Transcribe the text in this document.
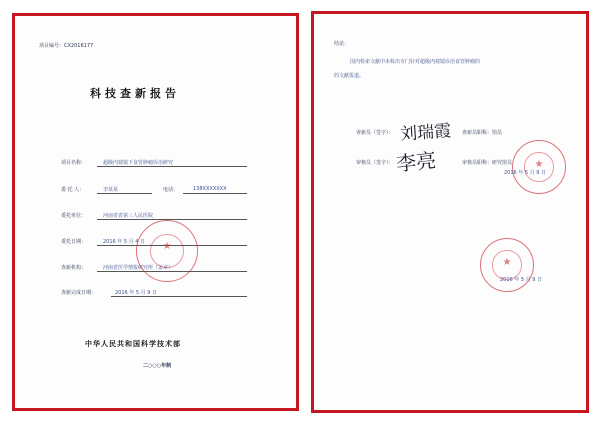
项目编号：CX2016177
科技查新报告
项目名称：	超级内窥镜下食管肿瘤诊治研究
委 托 人：	李某某	电话：	138XXXXXXX
委托单位：	河南省省第三人民医院
委托日期：	2016 年 5 月 4 日
查新机构：	河南省医学情报研究所（盖章）
查新完成日期：	2016 年 5 月 9 日
★
中华人民共和国科学技术部
二○○○年制
结论：
国内检索文献中未检出专门针对超级内窥镜诊治食管肿瘤的
的文献报道。
查新员（签字）： 刘瑞霞 查新员职称：馆员
审核员（签字）： 李亮	审核员职称：研究馆员	★
2016 年 5 月 9 日
★
2016 年 5 月 9 日
